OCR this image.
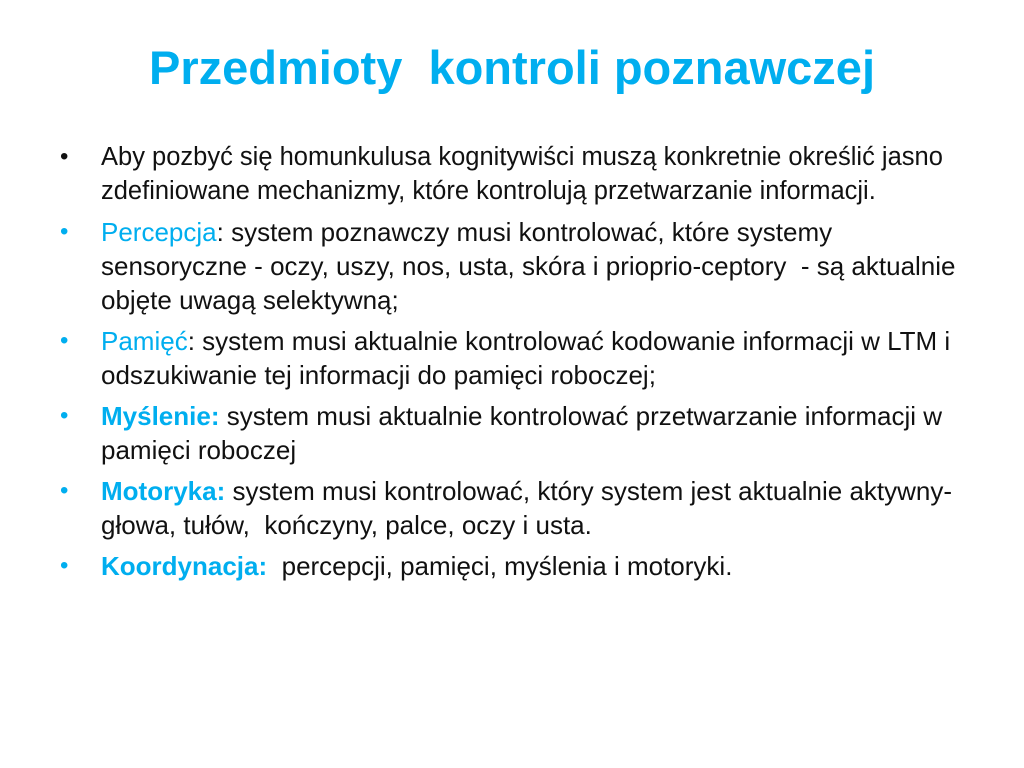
Przedmioty  kontroli poznawczej
• Aby pozbyć się homunkulusa kognitywiści muszą konkretnie określić jasno zdefiniowane mechanizmy, które kontrolują przetwarzanie informacji.
• Percepcja: system poznawczy musi kontrolować, które systemy sensoryczne - oczy, uszy, nos, usta, skóra i prioprio-ceptory  - są aktualnie objęte uwagą selektywną;
• Pamięć: system musi aktualnie kontrolować kodowanie informacji w LTM i odszukiwanie tej informacji do pamięci roboczej;
• Myślenie: system musi aktualnie kontrolować przetwarzanie informacji w pamięci roboczej
• Motoryka: system musi kontrolować, który system jest aktualnie aktywny- głowa, tułów,  kończyny, palce, oczy i usta.
• Koordynacja:  percepcji, pamięci, myślenia i motoryki.
